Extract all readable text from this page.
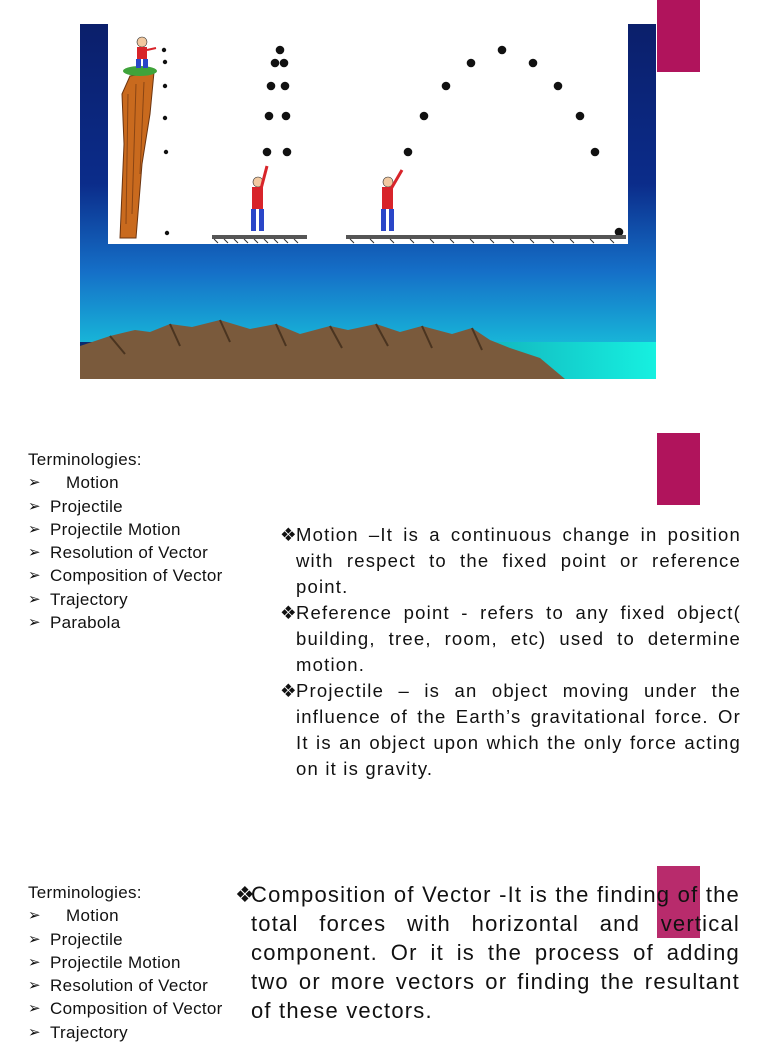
Terminologies:
➢ Motion
➢ Projectile
➢ Projectile Motion
➢ Resolution of Vector
➢ Composition of Vector
➢ Trajectory
➢ Parabola
❖
Motion –It is a continuous change in position with respect to the fixed point or reference point.
❖
Reference point - refers to any fixed object( building, tree, room, etc) used to determine motion.
❖
Projectile – is an object moving under the influence of the Earth’s gravitational force. Or It is an object upon which the only force acting on it is gravity.
Terminologies:
➢ Motion
➢ Projectile
➢ Projectile Motion
➢ Resolution of Vector
➢ Composition of Vector
➢ Trajectory
❖
Composition of Vector -It is the finding of the total forces with horizontal and vertical component. Or it is the process of adding two or more vectors or finding the resultant of these vectors.
